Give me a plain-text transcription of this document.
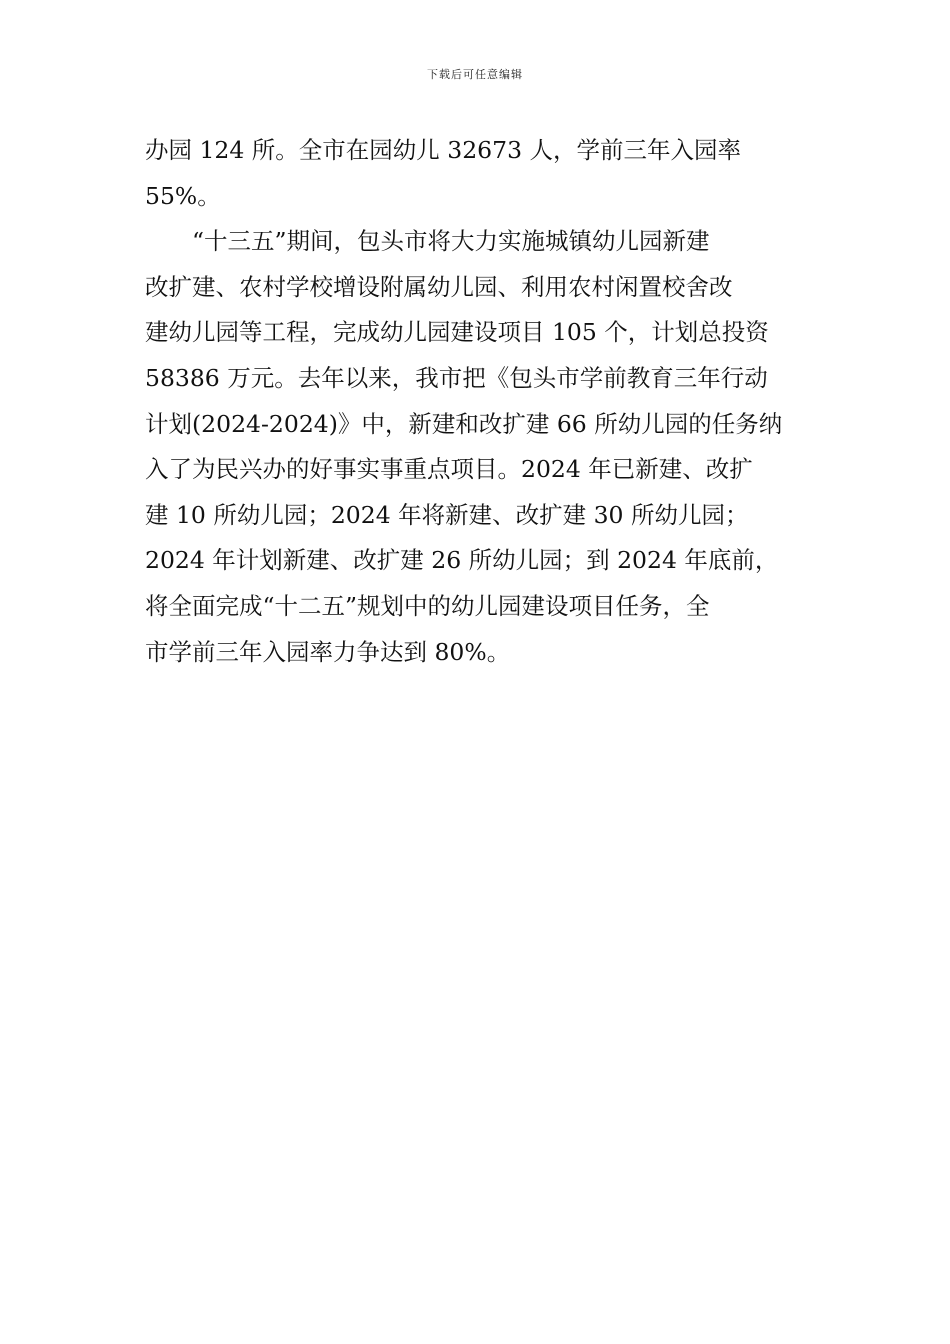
下载后可任意编辑
办园 124 所。全市在园幼儿 32673 人，学前三年入园率
55%。
“十三五”期间，包头市将大力实施城镇幼儿园新建
改扩建、农村学校增设附属幼儿园、利用农村闲置校舍改
建幼儿园等工程，完成幼儿园建设项目 105 个，计划总投资
58386 万元。去年以来，我市把《包头市学前教育三年行动
计划(2024-2024)》中，新建和改扩建 66 所幼儿园的任务纳
入了为民兴办的好事实事重点项目。2024 年已新建、改扩
建 10 所幼儿园；2024 年将新建、改扩建 30 所幼儿园；
2024 年计划新建、改扩建 26 所幼儿园；到 2024 年底前，
将全面完成“十二五”规划中的幼儿园建设项目任务，全
市学前三年入园率力争达到 80%。
